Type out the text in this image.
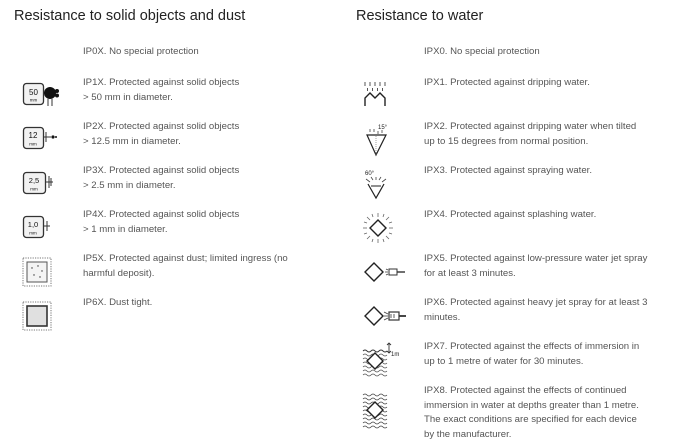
Resistance to solid objects and dust
IP0X. No special protection
50
mm
IP1X. Protected against solid objects
> 50 mm in diameter.
12
mm
IP2X. Protected against solid objects
> 12.5 mm in diameter.
2,5
mm
IP3X. Protected against solid objects
> 2.5 mm in diameter.
1,0
mm
IP4X. Protected against solid objects
> 1 mm in diameter.
IP5X. Protected against dust; limited ingress (no
harmful deposit).
IP6X. Dust tight.
Resistance to water
IPX0. No special protection
IPX1. Protected against dripping water.
15°	IPX2. Protected against dripping water when tilted
up to 15 degrees from normal position.
60°	IPX3. Protected against spraying water.
IPX4. Protected against splashing water.
IPX5. Protected against low-pressure water jet spray
for at least 3 minutes.
IPX6. Protected against heavy jet spray for at least 3
minutes.
1m
IPX7. Protected against the effects of immersion in
up to 1 metre of water for 30 minutes.
IPX8. Protected against the effects of continued
immersion in water at depths greater than 1 metre.
The exact conditions are specified for each device
by the manufacturer.
